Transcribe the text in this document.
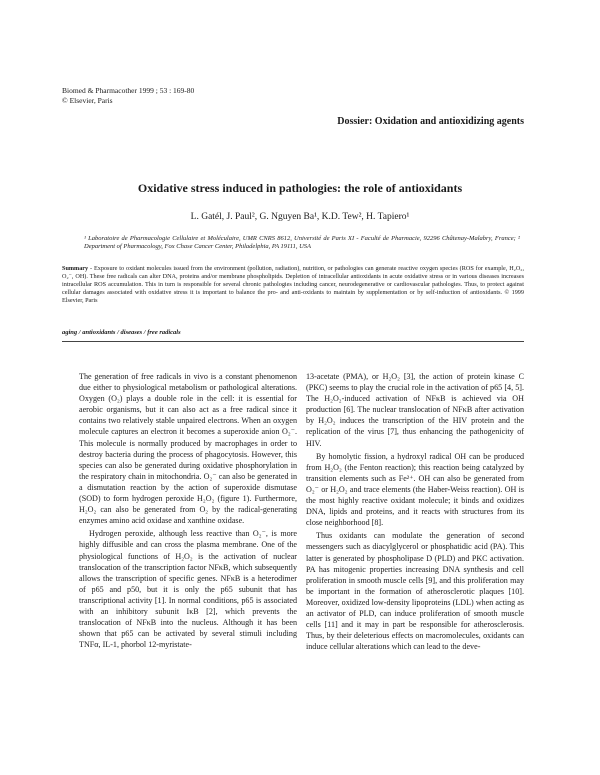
Biomed & Pharmacother 1999 ; 53 : 169-80
© Elsevier, Paris
Dossier: Oxidation and antioxidizing agents
Oxidative stress induced in pathologies: the role of antioxidants
L. Gatél, J. Paul², G. Nguyen Ba¹, K.D. Tew², H. Tapiero¹
¹ Laboratoire de Pharmacologie Cellulaire et Moléculaire, UMR CNRS 8612, Université de Paris XI - Faculté de Pharmacie, 92296 Châtenay-Malabry, France; ² Department of Pharmacology, Fox Chase Cancer Center, Philadelphia, PA 19111, USA
Summary - Exposure to oxidant molecules issued from the environment (pollution, radiation), nutrition, or pathologies can generate reactive oxygen species (ROS for example, H₂O₂, O₂⁻, OH). These free radicals can alter DNA, proteins and/or membrane phospholipids. Depletion of intracellular antioxidants in acute oxidative stress or in various diseases increases intracellular ROS accumulation. This in turn is responsible for several chronic pathologies including cancer, neurodegenerative or cardiovascular pathologies. Thus, to protect against cellular damages associated with oxidative stress it is important to balance the pro- and anti-oxidants to maintain by supplementation or by self-induction of antioxidants. © 1999 Elsevier, Paris
aging / antioxidants / diseases / free radicals

The generation of free radicals in vivo is a constant phenomenon due either to physiological metabolism or pathological alterations. Oxygen (O₂) plays a double role in the cell: it is essential for aerobic organisms, but it can also act as a free radical since it contains two relatively stable unpaired electrons. When an oxygen molecule captures an electron it becomes a superoxide anion O₂⁻. This molecule is normally produced by macrophages in order to destroy bacteria during the process of phagocytosis. However, this species can also be generated during oxidative phosphorylation in the respiratory chain in mitochondria. O₂⁻ can also be generated in a dismutation reaction by the action of superoxide dismutase (SOD) to form hydrogen peroxide H₂O₂ (figure 1). Furthermore, H₂O₂ can also be generated from O₂ by the radical-generating enzymes amino acid oxidase and xanthine oxidase.

Hydrogen peroxide, although less reactive than O₂⁻, is more highly diffusible and can cross the plasma membrane. One of the physiological functions of H₂O₂ is the activation of nuclear translocation of the transcription factor NFκB, which subsequently allows the transcription of specific genes. NFκB is a heterodimer of p65 and p50, but it is only the p65 subunit that has transcriptional activity [1]. In normal conditions, p65 is associated with an inhibitory subunit IκB [2], which prevents the translocation of NFκB into the nucleus. Although it has been shown that p65 can be activated by several stimuli including TNFα, IL-1, phorbol 12-myristate-

13-acetate (PMA), or H₂O₂ [3], the action of protein kinase C (PKC) seems to play the crucial role in the activation of p65 [4, 5]. The H₂O₂-induced activation of NFκB is achieved via OH production [6]. The nuclear translocation of NFκB after activation by H₂O₂ induces the transcription of the HIV protein and the replication of the virus [7], thus enhancing the pathogenicity of HIV.

By homolytic fission, a hydroxyl radical OH can be produced from H₂O₂ (the Fenton reaction); this reaction being catalyzed by transition elements such as Fe²⁺. OH can also be generated from O₂⁻ or H₂O₂ and trace elements (the Haber-Weiss reaction). OH is the most highly reactive oxidant molecule; it binds and oxidizes DNA, lipids and proteins, and it reacts with structures from its close neighborhood [8].

Thus oxidants can modulate the generation of second messengers such as diacylglycerol or phosphatidic acid (PA). This latter is generated by phospholipase D (PLD) and PKC activation. PA has mitogenic properties increasing DNA synthesis and cell proliferation in smooth muscle cells [9], and this proliferation may be important in the formation of atherosclerotic plaques [10]. Moreover, oxidized low-density lipoproteins (LDL) when acting as an activator of PLD, can induce proliferation of smooth muscle cells [11] and it may in part be responsible for atherosclerosis. Thus, by their deleterious effects on macromolecules, oxidants can induce cellular alterations which can lead to the deve-
